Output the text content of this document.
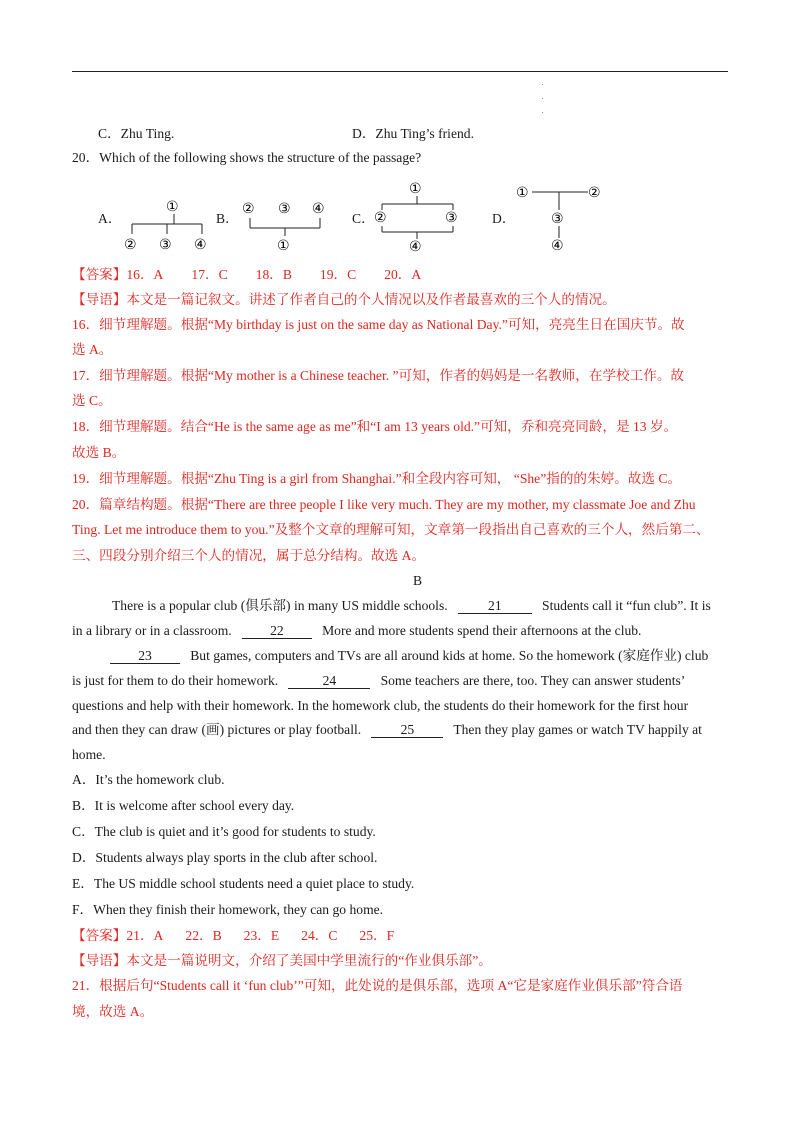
C．Zhu Ting.	D．Zhu Ting’s friend.
20．Which of the following shows the structure of the passage?
A．	B．	C．	D．
①
② ③ ④
② ③ ④
①
①
②	③
④
①	②
③
④
【答案】16．A 17．C 18．B 19．C 20．A
【导语】本文是一篇记叙文。讲述了作者自己的个人情况以及作者最喜欢的三个人的情况。
16．细节理解题。根据“My birthday is just on the same day as National Day.”可知，亮亮生日在国庆节。故
选 A。
17．细节理解题。根据“My mother is a Chinese teacher. ”可知，作者的妈妈是一名教师，在学校工作。故
选 C。
18．细节理解题。结合“He is the same age as me”和“I am 13 years old.”可知，乔和亮亮同龄，是 13 岁。
故选 B。
19．细节理解题。根据“Zhu Ting is a girl from Shanghai.”和全段内容可知， “She”指的的朱婷。故选 C。
20．篇章结构题。根据“There are three people I like very much. They are my mother, my classmate Joe and Zhu
Ting. Let me introduce them to you.”及整个文章的理解可知，文章第一段指出自己喜欢的三个人，然后第二、
三、四段分别介绍三个人的情况，属于总分结构。故选 A。
B
There is a popular club (俱乐部) in many US middle schools.	21	Students call it “fun club”. It is
in a library or in a classroom.	22	More and more students spend their afternoons at the club.
23	But games, computers and TVs are all around kids at home. So the homework (家庭作业) club
is just for them to do their homework.	24	Some teachers are there, too. They can answer students’
questions and help with their homework. In the homework club, the students do their homework for the first hour
and then they can draw (画) pictures or play football.	25	Then they play games or watch TV happily at
home.
A．It’s the homework club.
B．It is welcome after school every day.
C．The club is quiet and it’s good for students to study.
D．Students always play sports in the club after school.
E．The US middle school students need a quiet place to study.
F．When they finish their homework, they can go home.
【答案】21．A 22．B 23．E 24．C 25．F
【导语】本文是一篇说明文，介绍了美国中学里流行的“作业俱乐部”。
21．根据后句“Students call it ‘fun club’”可知，此处说的是俱乐部，选项 A“它是家庭作业俱乐部”符合语
境，故选 A。
